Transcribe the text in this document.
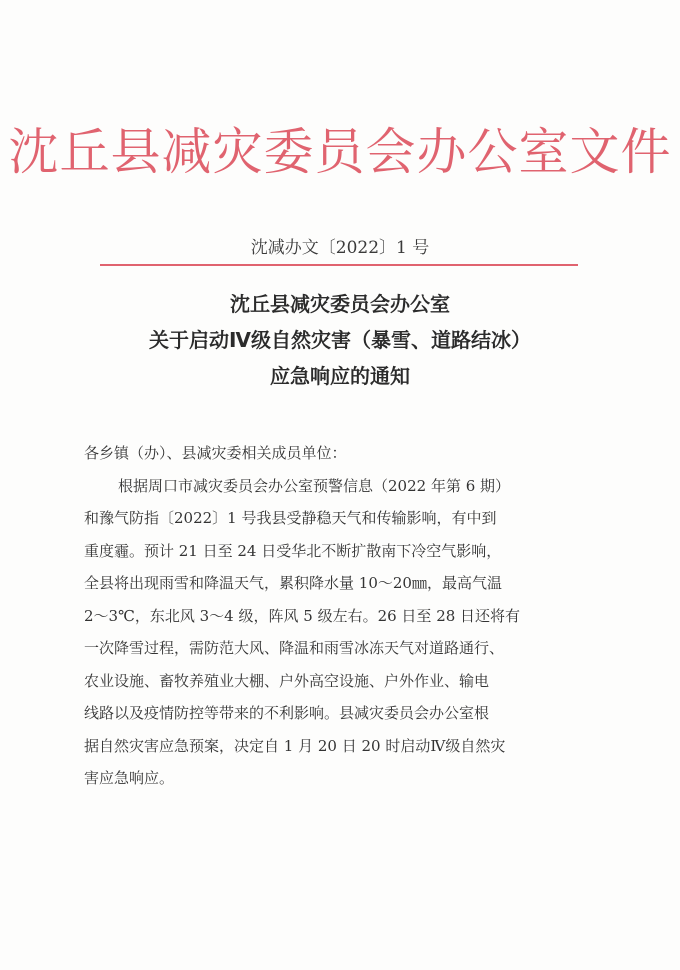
沈丘县减灾委员会办公室文件
沈减办文〔2022〕1 号
沈丘县减灾委员会办公室
关于启动Ⅳ级自然灾害（暴雪、道路结冰）
应急响应的通知
各乡镇（办）、县减灾委相关成员单位：
根据周口市减灾委员会办公室预警信息（2022 年第 6 期）
和豫气防指〔2022〕1 号我县受静稳天气和传输影响，有中到
重度霾。预计 21 日至 24 日受华北不断扩散南下冷空气影响，
全县将出现雨雪和降温天气，累积降水量 10～20㎜，最高气温
2～3℃，东北风 3～4 级，阵风 5 级左右。26 日至 28 日还将有
一次降雪过程，需防范大风、降温和雨雪冰冻天气对道路通行、
农业设施、畜牧养殖业大棚、户外高空设施、户外作业、输电
线路以及疫情防控等带来的不利影响。县减灾委员会办公室根
据自然灾害应急预案，决定自 1 月 20 日 20 时启动Ⅳ级自然灾
害应急响应。
